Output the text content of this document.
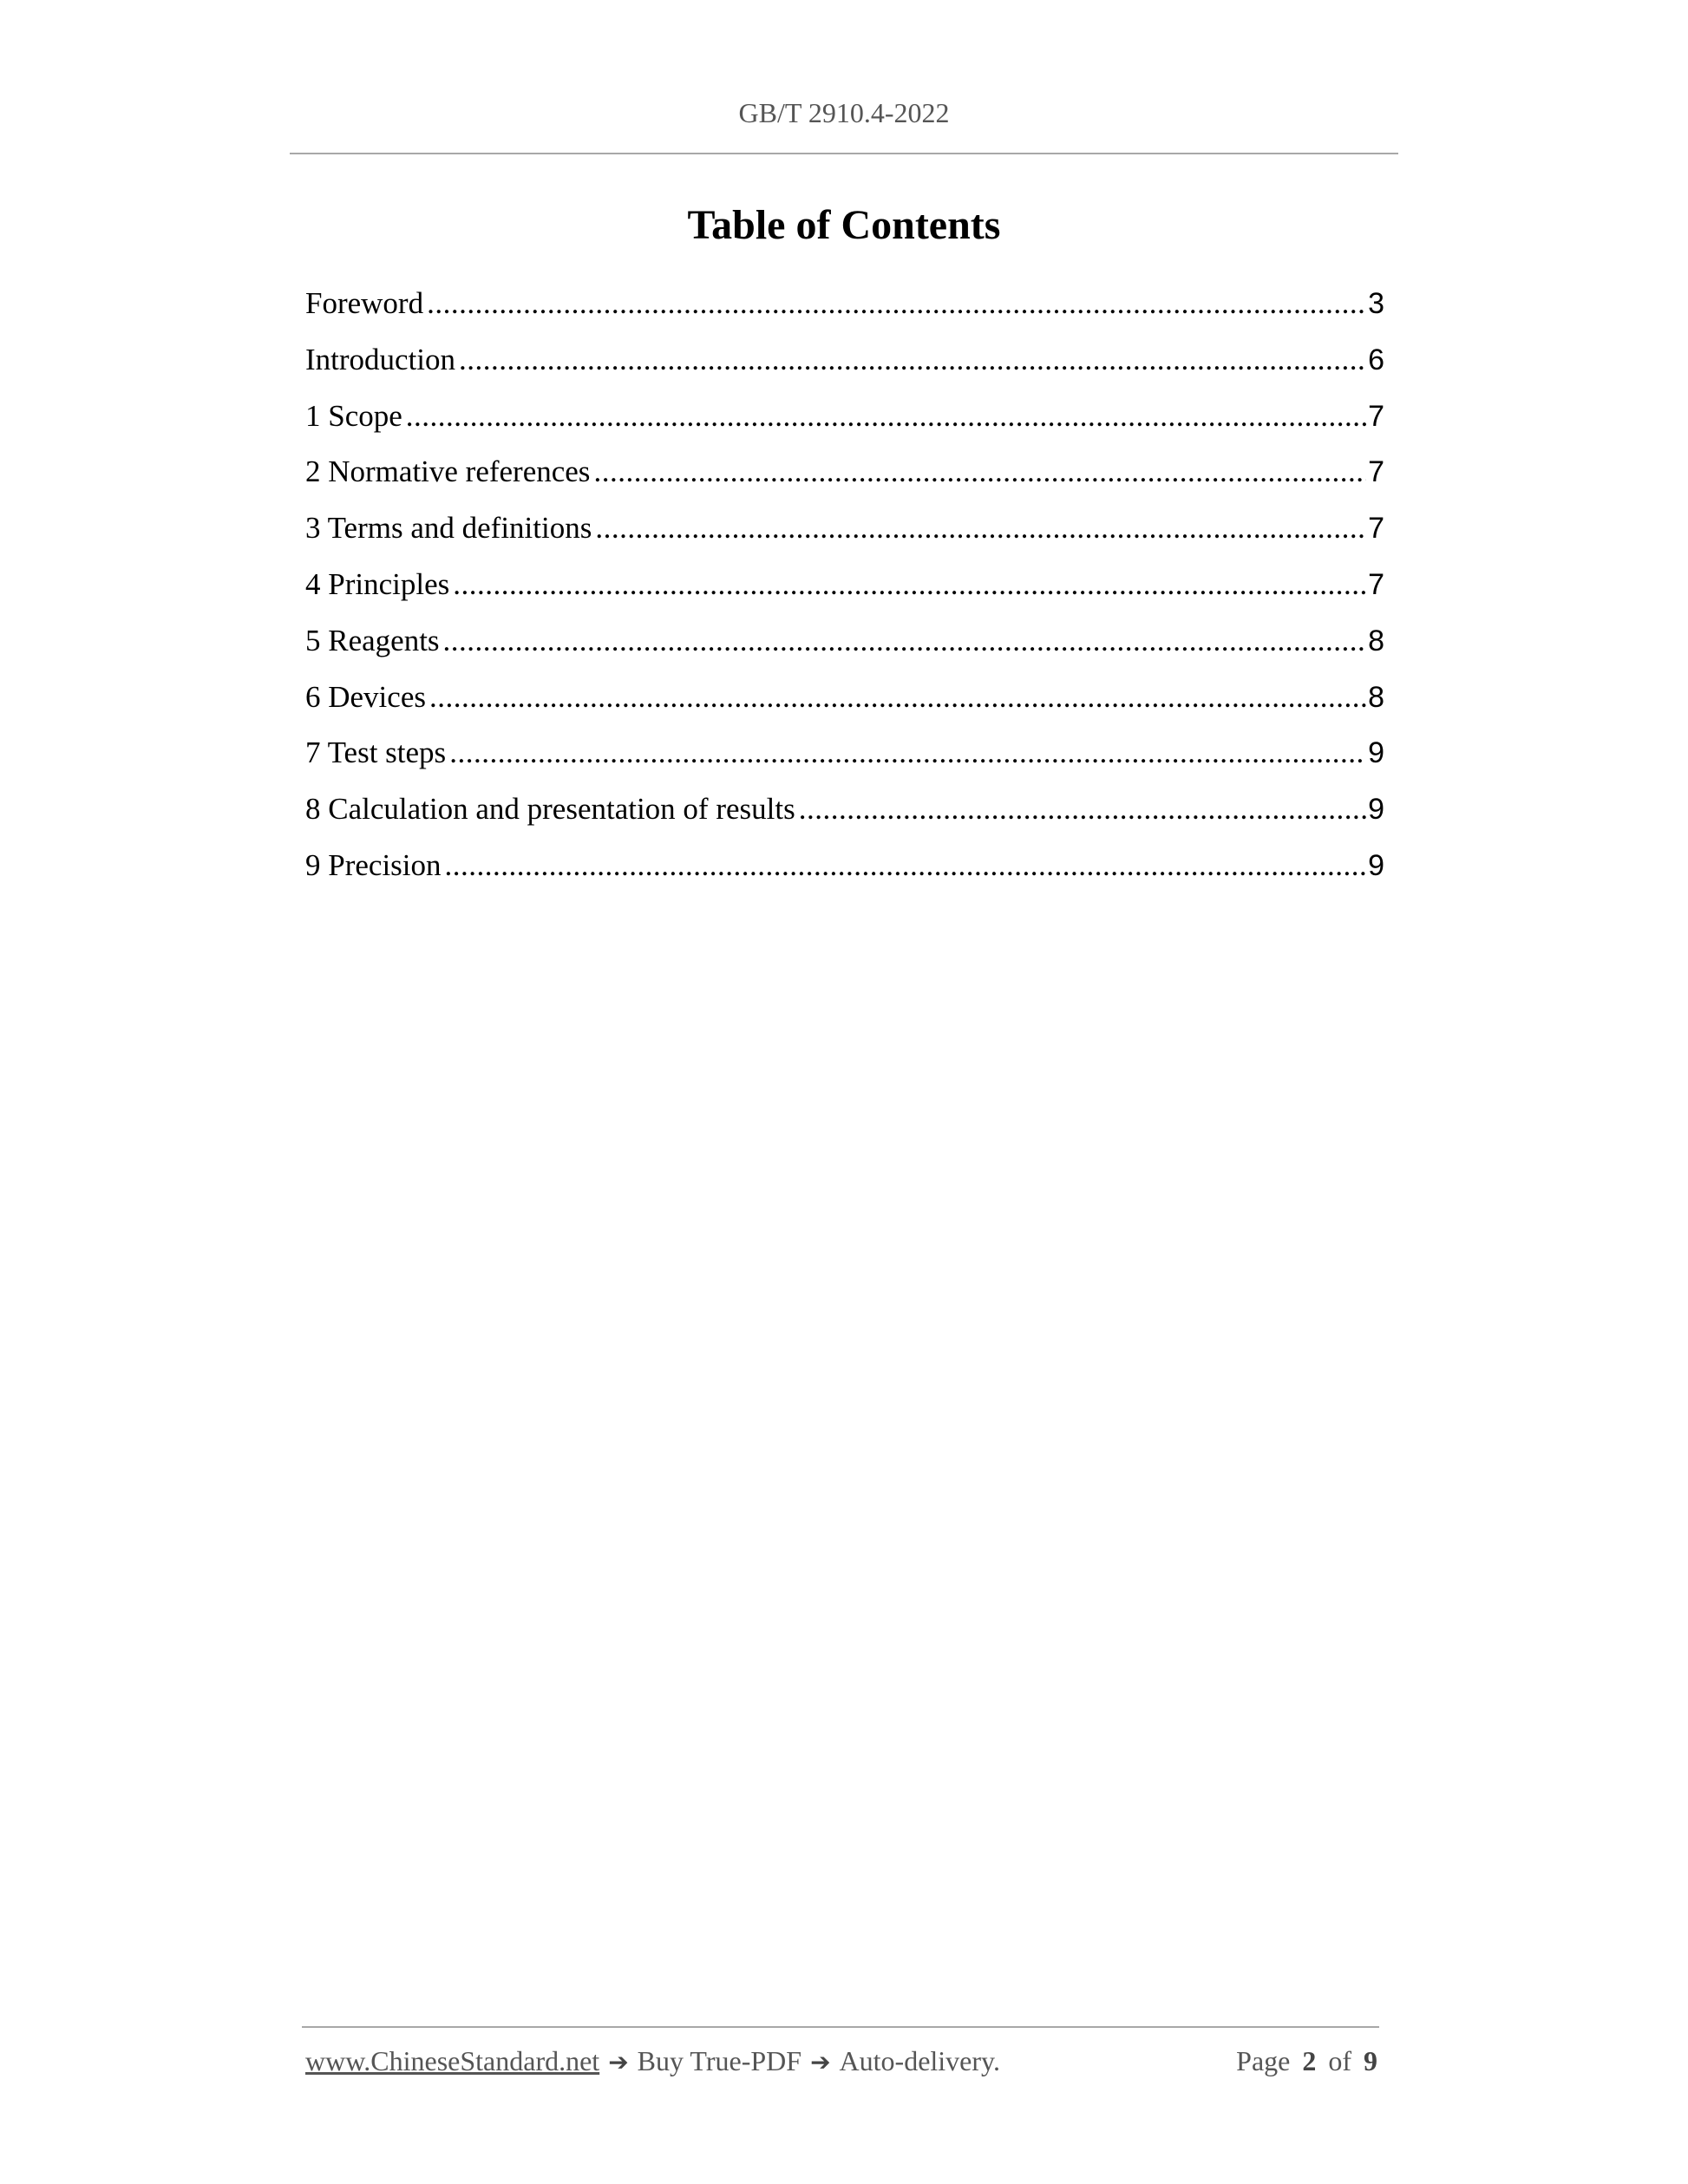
GB/T 2910.4-2022
Table of Contents
Foreword .....	3
Introduction .....	6
1 Scope .....	7
2 Normative references .....	7
3 Terms and definitions .....	7
4 Principles .....	7
5 Reagents .....	8
6 Devices .....	8
7 Test steps .....	9
8 Calculation and presentation of results .....	9
9 Precision .....	9
www.ChineseStandard.net ➔ Buy True-PDF ➔ Auto-delivery.	Page 2 of 9
